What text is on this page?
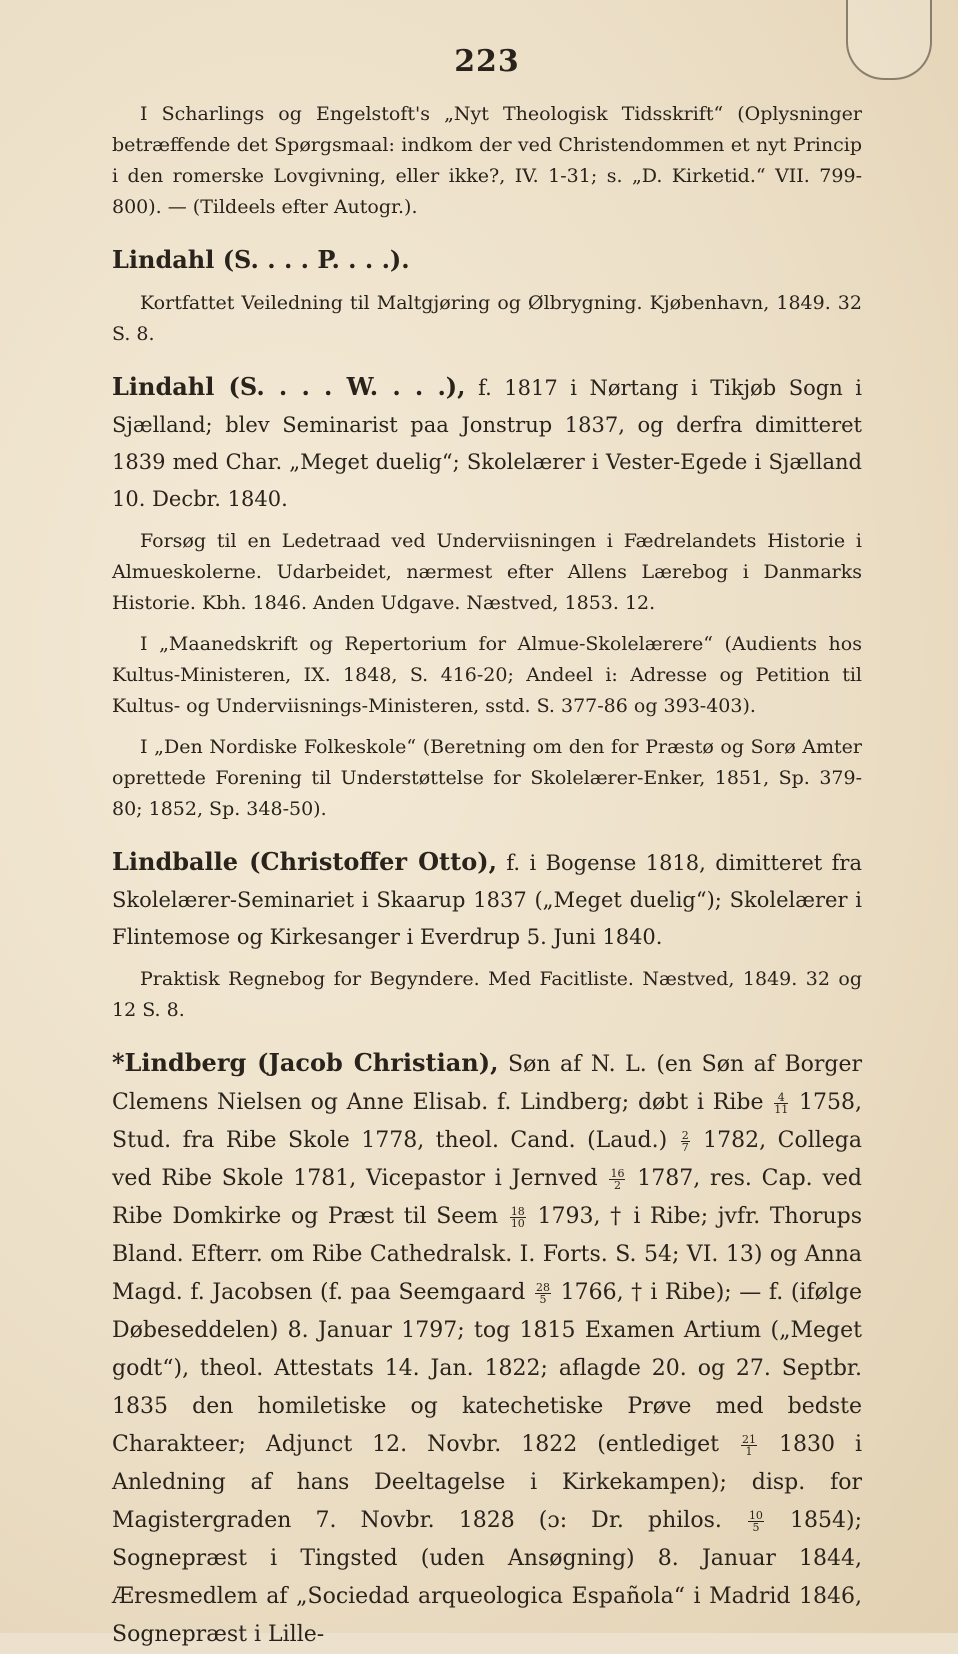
223

I Scharlings og Engelstoft's „Nyt Theologisk Tidsskrift“ (Oplysninger betræffende det Spørgsmaal: indkom der ved Christendommen et nyt Princip i den romerske Lovgivning, eller ikke?, IV. 1-31; s. „D. Kirketid.“ VII. 799-800). — (Tildeels efter Autogr.).

Lindahl (S. . . . P. . . .).

Kortfattet Veiledning til Maltgjøring og Ølbrygning. Kjøbenhavn, 1849. 32 S. 8.

Lindahl (S. . . . W. . . .), f. 1817 i Nørtang i Tikjøb Sogn i Sjælland; blev Seminarist paa Jonstrup 1837, og derfra dimitteret 1839 med Char. „Meget duelig“; Skolelærer i Vester-Egede i Sjælland 10. Decbr. 1840.

Forsøg til en Ledetraad ved Underviisningen i Fædrelandets Historie i Almueskolerne. Udarbeidet, nærmest efter Allens Lærebog i Danmarks Historie. Kbh. 1846. Anden Udgave. Næstved, 1853. 12.

I „Maanedskrift og Repertorium for Almue-Skolelærere“ (Audients hos Kultus-Ministeren, IX. 1848, S. 416-20; Andeel i: Adresse og Petition til Kultus- og Underviisnings-Ministeren, sstd. S. 377-86 og 393-403).

I „Den Nordiske Folkeskole“ (Beretning om den for Præstø og Sorø Amter oprettede Forening til Understøttelse for Skolelærer-Enker, 1851, Sp. 379-80; 1852, Sp. 348-50).

Lindballe (Christoffer Otto), f. i Bogense 1818, dimitteret fra Skolelærer-Seminariet i Skaarup 1837 („Meget duelig“); Skolelærer i Flintemose og Kirkesanger i Everdrup 5. Juni 1840.

Praktisk Regnebog for Begyndere. Med Facitliste. Næstved, 1849. 32 og 12 S. 8.

*Lindberg (Jacob Christian), Søn af N. L. (en Søn af Borger Clemens Nielsen og Anne Elisab. f. Lindberg; døbt i Ribe $\frac{4}{11} 1758$, Stud. fra Ribe Skole 1778, theol. Cand. (Laud.) $\frac{2}{7} 1782$, Collega ved Ribe Skole 1781, Vicepastor i Jernved $\frac{16}{2} 1787$, res. Cap. ved Ribe Domkirke og Præst til Seem $\frac{18}{10} 1793$, † i Ribe; jvfr. Thorups Bland. Efterr. om Ribe Cathedralsk. I. Forts. S. 54; VI. 13) og Anna Magd. f. Jacobsen (f. paa Seemgaard $\frac{28}{5} 1766$, † i Ribe); — f. (ifølge Døbeseddelen) 8. Januar 1797; tog 1815 Examen Artium („Meget godt“), theol. Attestats 14. Jan. 1822; aflagde 20. og 27. Septbr. 1835 den homiletiske og katechetiske Prøve med bedste Charakteer; Adjunct 12. Novbr. 1822 (entlediget $\frac{21}{1} 1830$ i Anledning af hans Deeltagelse i Kirkekampen); disp. for Magistergraden 7. Novbr. 1828 (ɔ: Dr. philos. $\frac{10}{5} 1854$); Sognepræst i Tingsted (uden Ansøgning) 8. Januar 1844, Æresmedlem af „Sociedad arqueologica Española“ i Madrid 1846, Sognepræst i Lille-
